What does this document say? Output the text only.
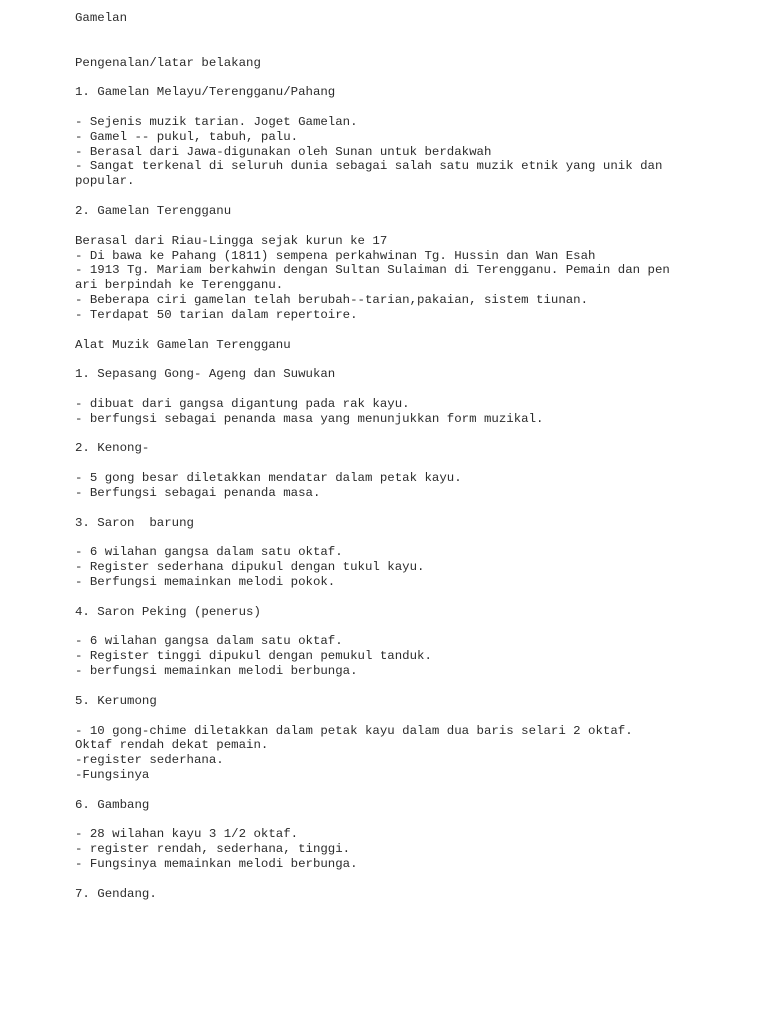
Gamelan
Pengenalan/latar belakang
1. Gamelan Melayu/Terengganu/Pahang
- Sejenis muzik tarian. Joget Gamelan.
- Gamel -- pukul, tabuh, palu.
- Berasal dari Jawa-digunakan oleh Sunan untuk berdakwah
- Sangat terkenal di seluruh dunia sebagai salah satu muzik etnik yang unik dan
popular.
2. Gamelan Terengganu
Berasal dari Riau-Lingga sejak kurun ke 17
- Di bawa ke Pahang (1811) sempena perkahwinan Tg. Hussin dan Wan Esah
- 1913 Tg. Mariam berkahwin dengan Sultan Sulaiman di Terengganu. Pemain dan pen
ari berpindah ke Terengganu.
- Beberapa ciri gamelan telah berubah--tarian,pakaian, sistem tiunan.
- Terdapat 50 tarian dalam repertoire.
Alat Muzik Gamelan Terengganu
1. Sepasang Gong- Ageng dan Suwukan
- dibuat dari gangsa digantung pada rak kayu.
- berfungsi sebagai penanda masa yang menunjukkan form muzikal.
2. Kenong-
- 5 gong besar diletakkan mendatar dalam petak kayu.
- Berfungsi sebagai penanda masa.
3. Saron  barung
- 6 wilahan gangsa dalam satu oktaf.
- Register sederhana dipukul dengan tukul kayu.
- Berfungsi memainkan melodi pokok.
4. Saron Peking (penerus)
- 6 wilahan gangsa dalam satu oktaf.
- Register tinggi dipukul dengan pemukul tanduk.
- berfungsi memainkan melodi berbunga.
5. Kerumong
- 10 gong-chime diletakkan dalam petak kayu dalam dua baris selari 2 oktaf.
Oktaf rendah dekat pemain.
-register sederhana.
-Fungsinya
6. Gambang
- 28 wilahan kayu 3 1/2 oktaf.
- register rendah, sederhana, tinggi.
- Fungsinya memainkan melodi berbunga.
7. Gendang.
